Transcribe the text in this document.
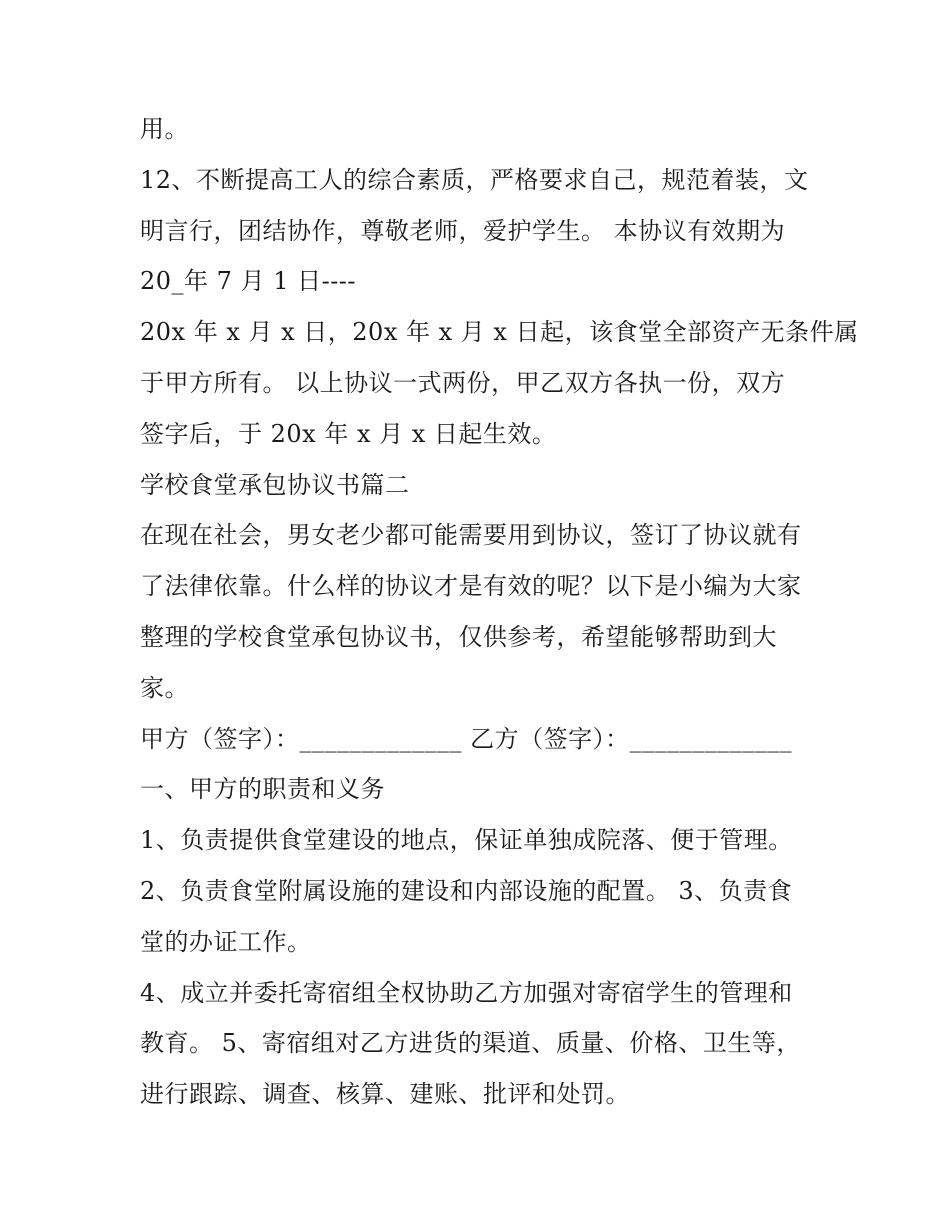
用。
12、不断提高工人的综合素质，严格要求自己，规范着装，文
明言行，团结协作，尊敬老师，爱护学生。 本协议有效期为
20_年 7 月 1 日----
20x 年 x 月 x 日，20x 年 x 月 x 日起，该食堂全部资产无条件属
于甲方所有。 以上协议一式两份，甲乙双方各执一份，双方
签字后，于 20x 年 x 月 x 日起生效。
学校食堂承包协议书篇二
在现在社会，男女老少都可能需要用到协议，签订了协议就有
了法律依靠。什么样的协议才是有效的呢？以下是小编为大家
整理的学校食堂承包协议书，仅供参考，希望能够帮助到大
家。
甲方（签字）：_____________ 乙方（签字）：_____________
一、甲方的职责和义务
1、负责提供食堂建设的地点，保证单独成院落、便于管理。
2、负责食堂附属设施的建设和内部设施的配置。 3、负责食
堂的办证工作。
4、成立并委托寄宿组全权协助乙方加强对寄宿学生的管理和
教育。 5、寄宿组对乙方进货的渠道、质量、价格、卫生等，
进行跟踪、调查、核算、建账、批评和处罚。
